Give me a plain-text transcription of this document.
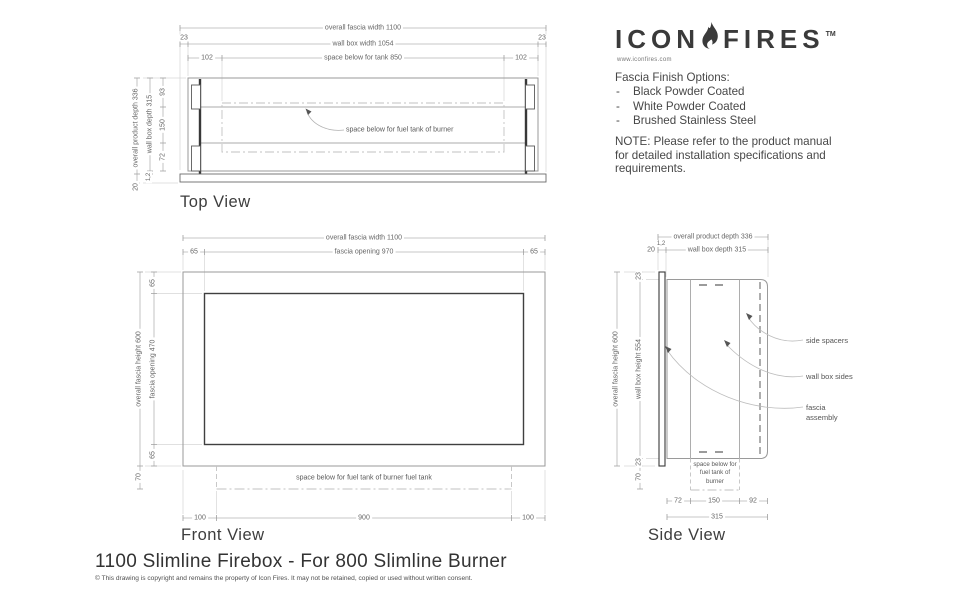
overall fascia width 1100
23
wall box width 1054
23
102	space below for tank 850	102
overall product depth 336 wall box depth 315
93
150
72
1,2
20
space below for fuel tank of burner
Top View
overall fascia width 1100
65	fascia opening 970	65
overall fascia height 600 fascia opening 470
65
65
70	space below for fuel tank of burner fuel tank
100	900	100
Front View
overall product depth 336
20
1,2
wall box depth 315
overall fascia height 600 wall box height 554
23
23
70
side spacers
wall box sides
fascia assembly
space below for fuel tank of burner
72	150	92
315
Side View
ICON FIRES TM
www.iconfires.com
Fascia Finish Options:
-	Black Powder Coated
-	White Powder Coated
-	Brushed Stainless Steel
NOTE: Please refer to the product manual
for detailed installation specifications and
requirements.
1100 Slimline Firebox - For 800 Slimline Burner
© This drawing is copyright and remains the property of Icon Fires. It may not be retained, copied or used without written consent.
